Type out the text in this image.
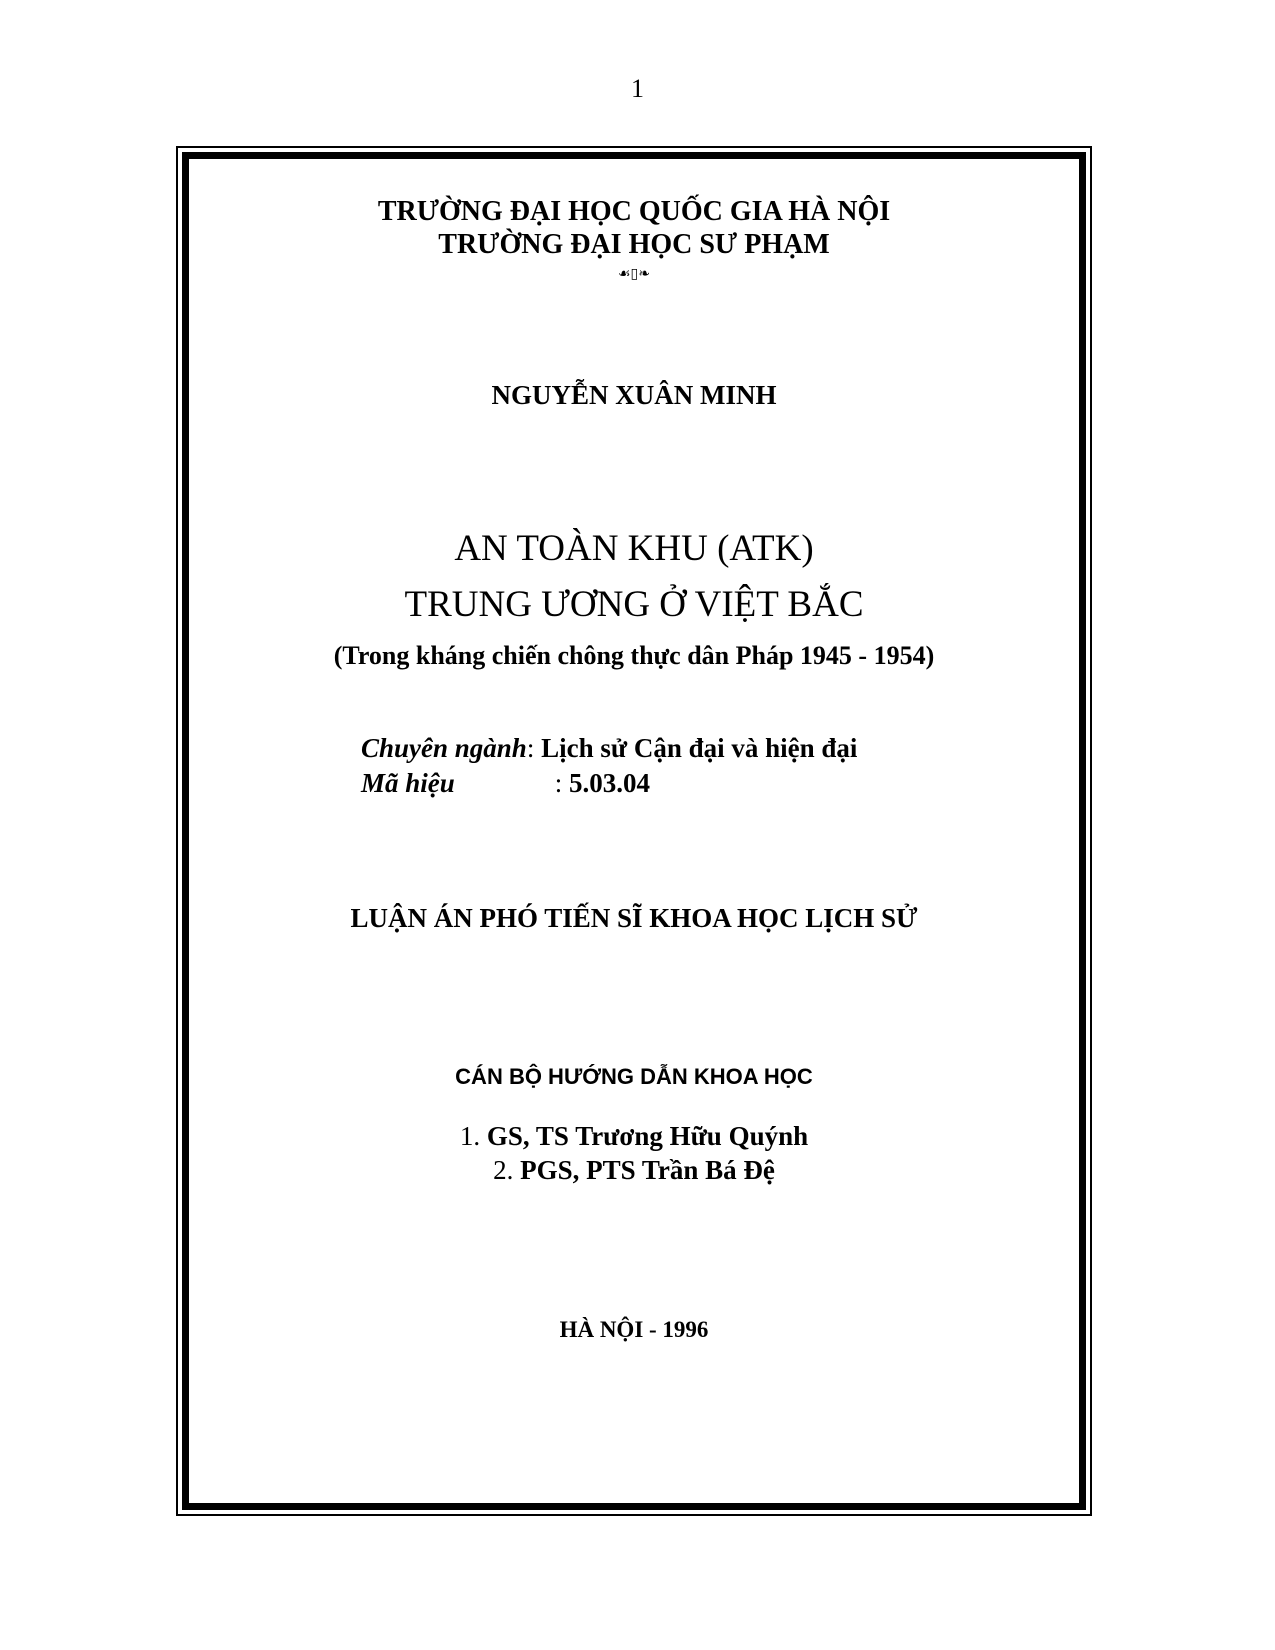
1
TRƯỜNG ĐẠI HỌC QUỐC GIA HÀ NỘI
TRƯỜNG ĐẠI HỌC SƯ PHẠM
☙▯❧
NGUYỄN XUÂN MINH
AN TOÀN KHU (ATK)
TRUNG ƯƠNG Ở VIỆT BẮC
(Trong kháng chiến chông thực dân Pháp 1945 - 1954)
Chuyên ngành: Lịch sử Cận đại và hiện đại
Mã hiệu	: 5.03.04
LUẬN ÁN PHÓ TIẾN SĨ KHOA HỌC LỊCH SỬ
CÁN BỘ HƯỚNG DẪN KHOA HỌC
1. GS, TS Trương Hữu Quýnh
2. PGS, PTS Trần Bá Đệ
HÀ NỘI - 1996
